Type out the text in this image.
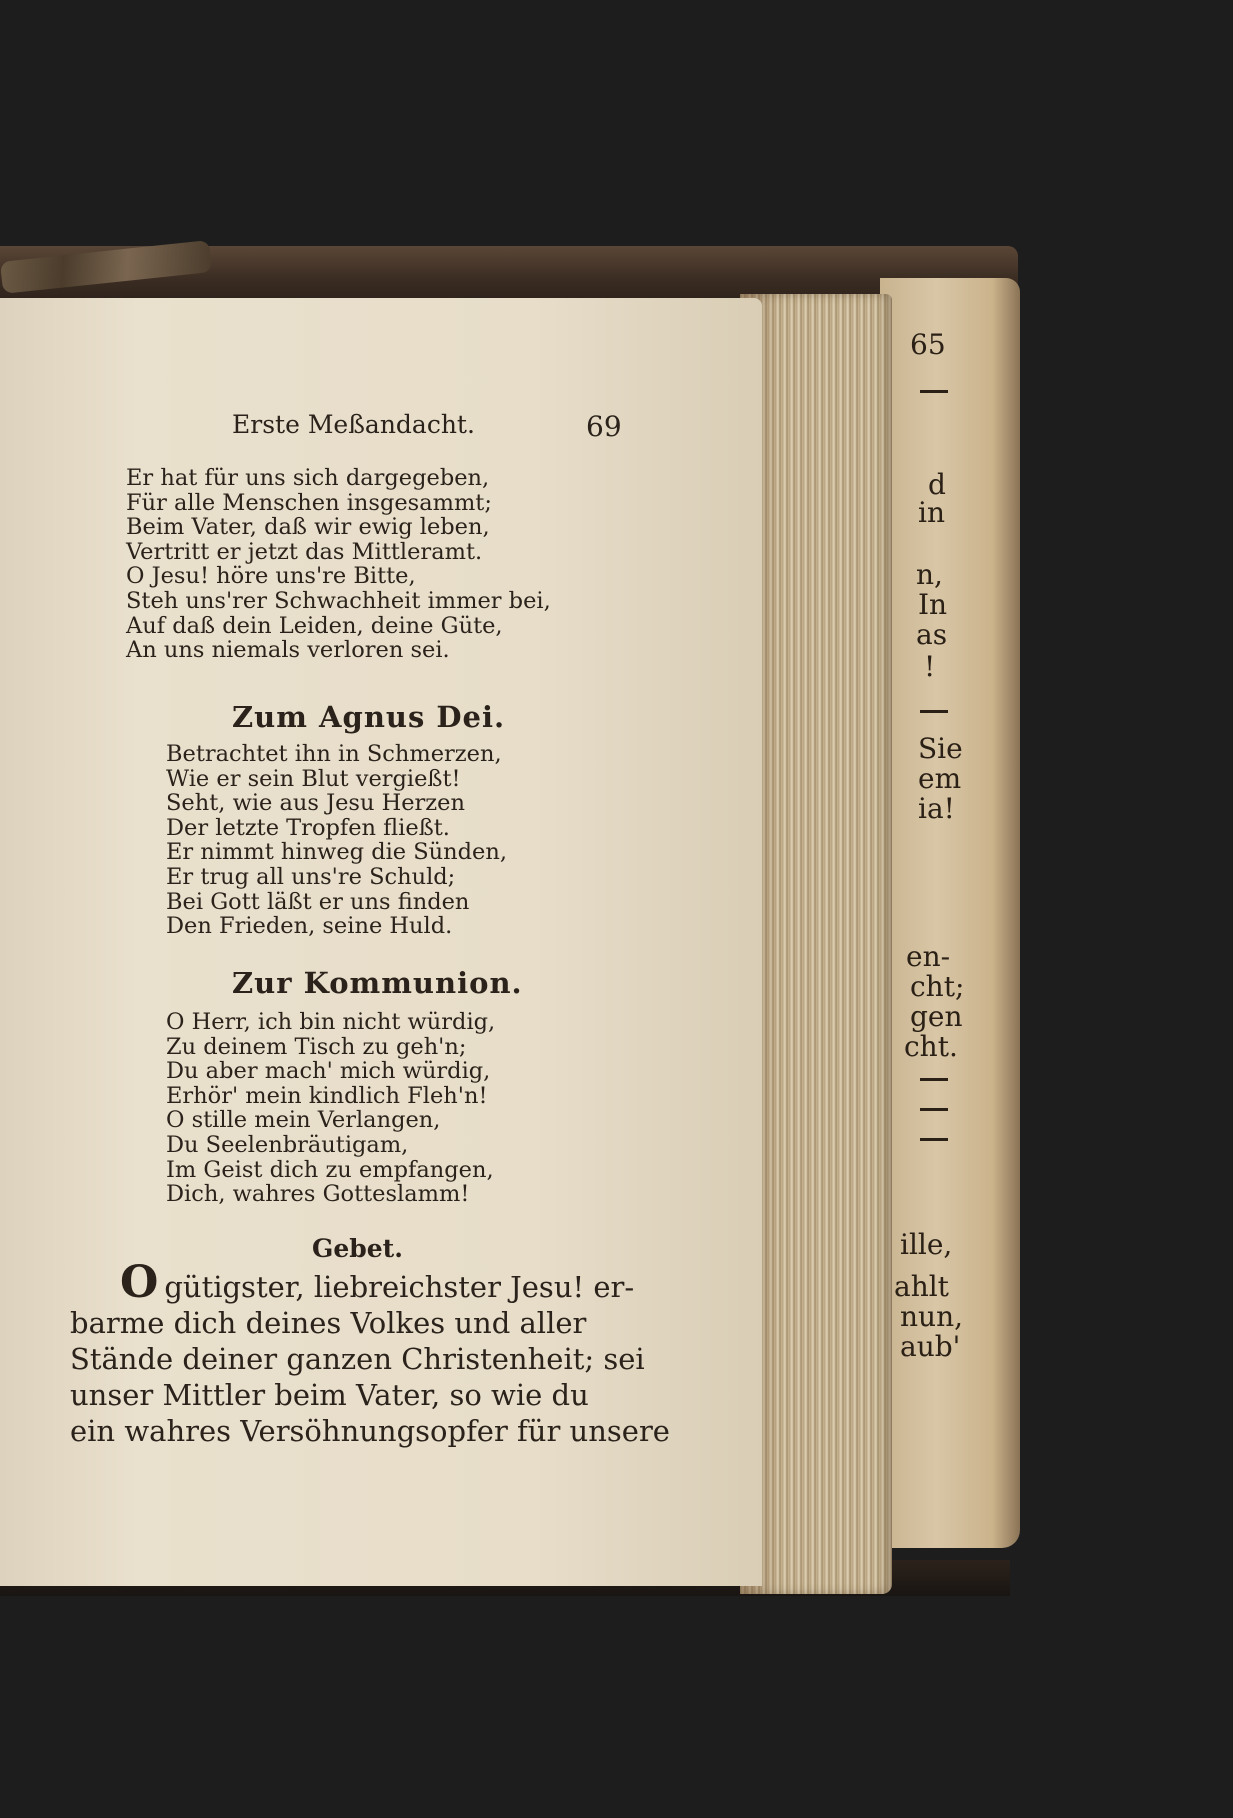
65
d
in
n,
In
as
!
Sie
em
ia!
en-
cht;
gen
cht.
ille,
ahlt
nun,
aub'
Erste Meßandacht.	69
Er hat für uns sich dargegeben,
Für alle Menschen insgesammt;
Beim Vater, daß wir ewig leben,
Vertritt er jetzt das Mittleramt.
O Jesu! höre uns're Bitte,
Steh uns'rer Schwachheit immer bei,
Auf daß dein Leiden, deine Güte,
An uns niemals verloren sei.
Zum Agnus Dei.
Betrachtet ihn in Schmerzen,
Wie er sein Blut vergießt!
Seht, wie aus Jesu Herzen
Der letzte Tropfen fließt.
Er nimmt hinweg die Sünden,
Er trug all uns're Schuld;
Bei Gott läßt er uns finden
Den Frieden, seine Huld.
Zur Kommunion.
O Herr, ich bin nicht würdig,
Zu deinem Tisch zu geh'n;
Du aber mach' mich würdig,
Erhör' mein kindlich Fleh'n!
O stille mein Verlangen,
Du Seelenbräutigam,
Im Geist dich zu empfangen,
Dich, wahres Gotteslamm!
Gebet.
Ogütigster, liebreichster Jesu! er-
barme dich deines Volkes und aller
Stände deiner ganzen Christenheit; sei
unser Mittler beim Vater, so wie du
ein wahres Versöhnungsopfer für unsere
